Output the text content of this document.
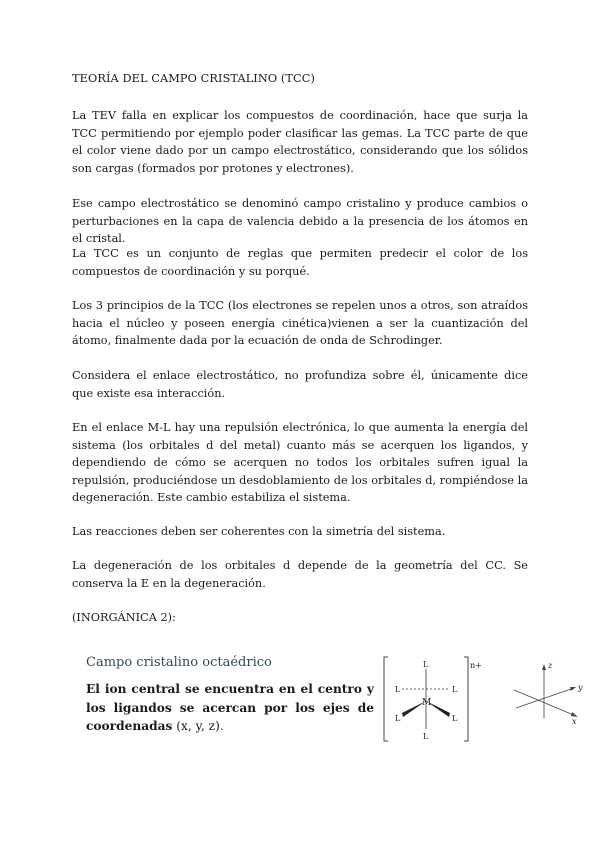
TEORÍA DEL CAMPO CRISTALINO (TCC)

La TEV falla en explicar los compuestos de coordinación, hace que surja la TCC permitiendo por ejemplo poder clasificar las gemas. La TCC parte de que el color viene dado por un campo electrostático, considerando que los sólidos son cargas (formados por protones y electrones).

Ese campo electrostático se denominó campo cristalino y produce cambios o perturbaciones en la capa de valencia debido a la presencia de los átomos en el cristal.

La TCC es un conjunto de reglas que permiten predecir el color de los compuestos de coordinación y su porqué.

Los 3 principios de la TCC (los electrones se repelen unos a otros, son atraídos hacia el núcleo y poseen energía cinética)vienen a ser la cuantización del átomo, finalmente dada por la ecuación de onda de Schrodinger.

Considera el enlace electrostático, no profundiza sobre él, únicamente dice que existe esa interacción.

En el enlace M-L hay una repulsión electrónica, lo que aumenta la energía del sistema (los orbitales d del metal) cuanto más se acerquen los ligandos, y dependiendo de cómo se acerquen no todos los orbitales sufren igual la repulsión, produciéndose un desdoblamiento de los orbitales d, rompiéndose la degeneración. Este cambio estabiliza el sistema.

Las reacciones deben ser coherentes con la simetría del sistema.

La degeneración de los orbitales d depende de la geometría del CC. Se conserva la E en la degeneración.

(INORGÁNICA 2):
Campo cristalino octaédrico

El ion central se encuentra en el centro y los ligandos se acercan por los ejes de coordenadas (x, y, z).

n+
L
L
L	L
L	L
M
z
y
x
